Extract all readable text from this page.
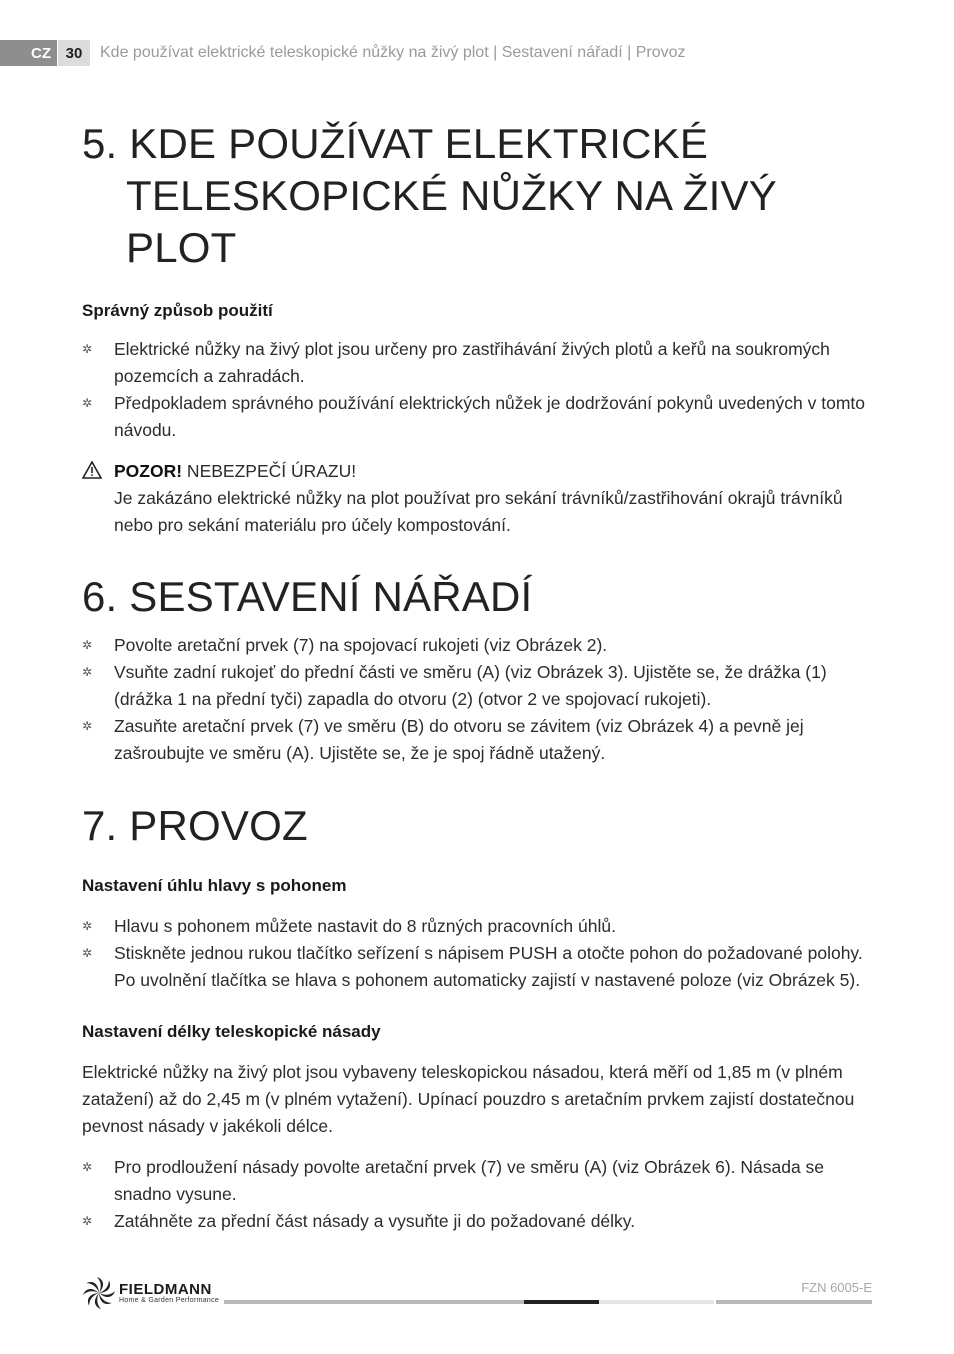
CZ 30	Kde používat elektrické teleskopické nůžky na živý plot | Sestavení nářadí | Provoz
5. KDE POUŽÍVAT ELEKTRICKÉ
TELESKOPICKÉ NŮŽKY NA ŽIVÝ PLOT
Správný způsob použití
✲ Elektrické nůžky na živý plot jsou určeny pro zastřihávání živých plotů a keřů na soukromých pozemcích a zahradách.
✲ Předpokladem správného používání elektrických nůžek je dodržování pokynů uvedených v tomto návodu.
POZOR! NEBEZPEČÍ ÚRAZU!
Je zakázáno elektrické nůžky na plot používat pro sekání trávníků/zastřihování okrajů trávníků nebo pro sekání materiálu pro účely kompostování.
6. SESTAVENÍ NÁŘADÍ
✲ Povolte aretační prvek (7) na spojovací rukojeti (viz Obrázek 2).
✲ Vsuňte zadní rukojeť do přední části ve směru (A) (viz Obrázek 3). Ujistěte se, že drážka (1) (drážka 1 na přední tyči) zapadla do otvoru (2) (otvor 2 ve spojovací rukojeti).
✲ Zasuňte aretační prvek (7) ve směru (B) do otvoru se závitem (viz Obrázek 4) a pevně jej zašroubujte ve směru (A). Ujistěte se, že je spoj řádně utažený.
7. PROVOZ
Nastavení úhlu hlavy s pohonem
✲ Hlavu s pohonem můžete nastavit do 8 různých pracovních úhlů.
✲ Stiskněte jednou rukou tlačítko seřízení s nápisem PUSH a otočte pohon do požadované polohy. Po uvolnění tlačítka se hlava s pohonem automaticky zajistí v nastavené poloze (viz Obrázek 5).
Nastavení délky teleskopické násady

Elektrické nůžky na živý plot jsou vybaveny teleskopickou násadou, která měří od 1,85 m (v plném zatažení) až do 2,45 m (v plném vytažení). Upínací pouzdro s aretačním prvkem zajistí dostatečnou pevnost násady v jakékoli délce.

✲ Pro prodloužení násady povolte aretační prvek (7) ve směru (A) (viz Obrázek 6). Násada se snadno vysune.
✲ Zatáhněte za přední část násady a vysuňte ji do požadované délky.
FIELDMANN
Home & Garden Performance
FZN 6005-E
